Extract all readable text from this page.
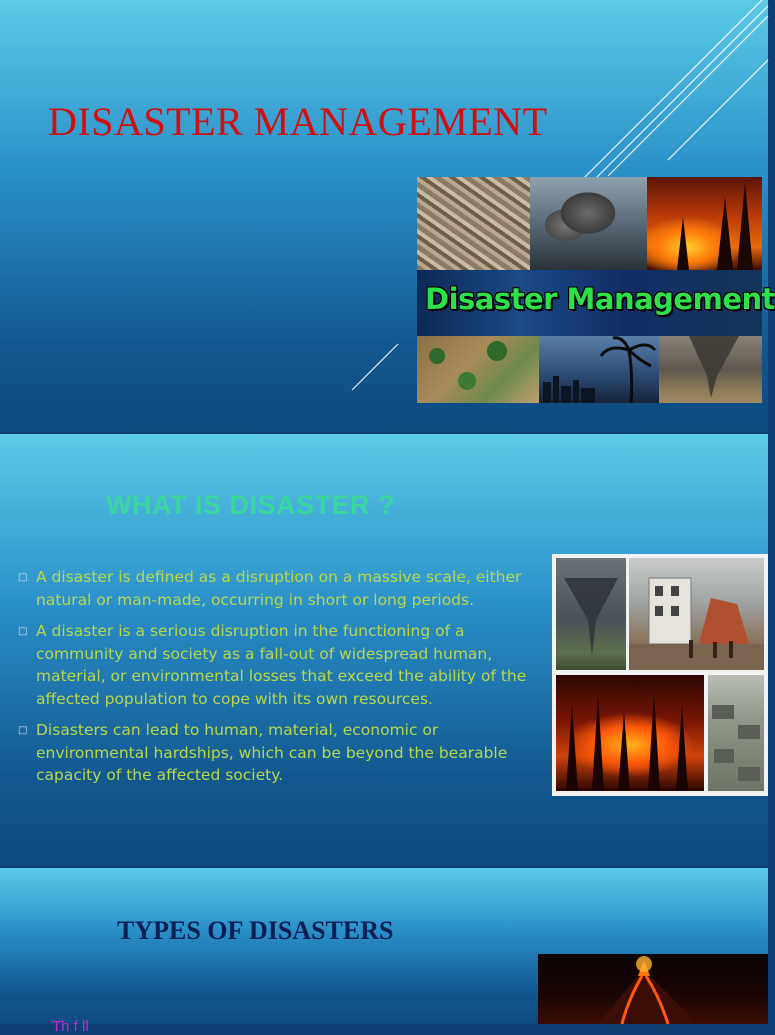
DISASTER MANAGEMENT
Disaster Management
WHAT IS DISASTER ?
□ A disaster is defined as a disruption on a massive scale, either natural or man-made, occurring in short or long periods.
□ A disaster is a serious disruption in the functioning of a community and society as a fall-out of widespread human, material, or environmental losses that exceed the ability of the affected population to cope with its own resources.
□ Disasters can lead to human, material, economic or environmental hardships, which can be beyond the bearable capacity of the affected society.
TYPES OF DISASTERS
Th f ll
